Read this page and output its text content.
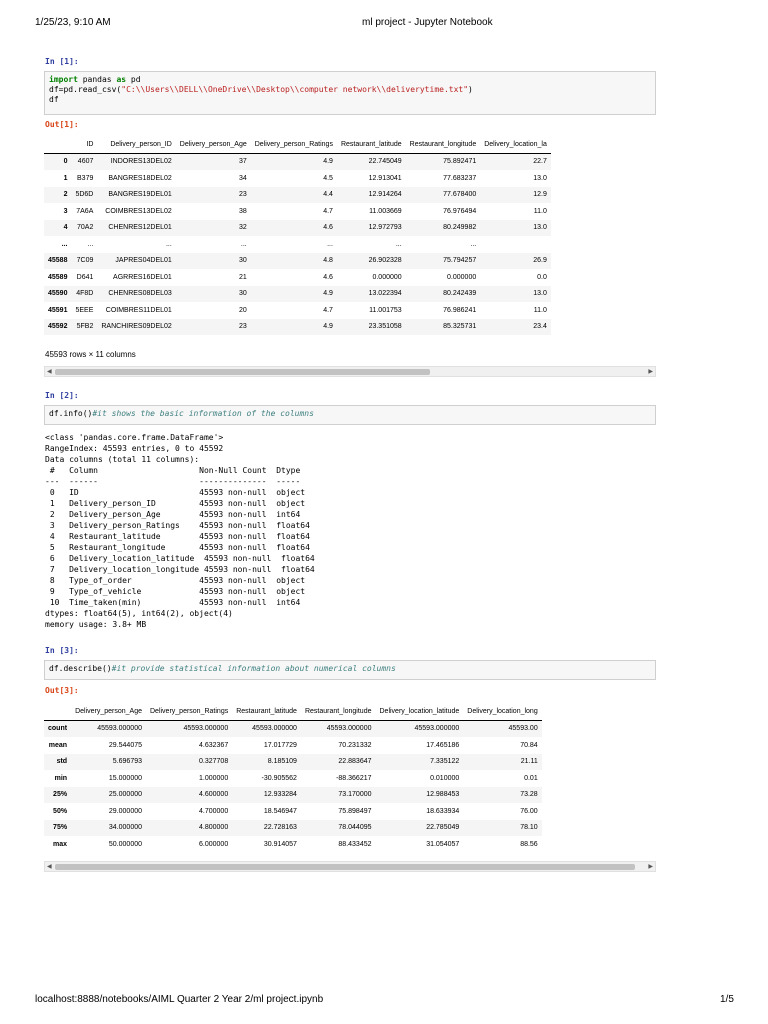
1/25/23, 9:10 AM	ml project - Jupyter Notebook
In [1]:
import pandas as pd
df=pd.read_csv("C:\\Users\\DELL\\OneDrive\\Desktop\\computer network\\deliverytime.txt")
df
Out[1]:
	ID	Delivery_person_ID	Delivery_person_Age	Delivery_person_Ratings	Restaurant_latitude	Restaurant_longitude	Delivery_location_la
0	4607	INDORES13DEL02	37	4.9	22.745049	75.892471	22.7
1	B379	BANGRES18DEL02	34	4.5	12.913041	77.683237	13.0
2	5D6D	BANGRES19DEL01	23	4.4	12.914264	77.678400	12.9
3	7A6A	COIMBRES13DEL02	38	4.7	11.003669	76.976494	11.0
4	70A2	CHENRES12DEL01	32	4.6	12.972793	80.249982	13.0
...	...	...	...	...	...	...	
45588	7C09	JAPRES04DEL01	30	4.8	26.902328	75.794257	26.9
45589	D641	AGRRES16DEL01	21	4.6	0.000000	0.000000	0.0
45590	4F8D	CHENRES08DEL03	30	4.9	13.022394	80.242439	13.0
45591	5EEE	COIMBRES11DEL01	20	4.7	11.001753	76.986241	11.0
45592	5FB2	RANCHIRES09DEL02	23	4.9	23.351058	85.325731	23.4
45593 rows × 11 columns
◀	▶
In [2]:
df.info()#it shows the basic information of the columns
<class 'pandas.core.frame.DataFrame'>
RangeIndex: 45593 entries, 0 to 45592
Data columns (total 11 columns):
#   Column                     Non-Null Count  Dtype
---  ------                     --------------  -----
0   ID                         45593 non-null  object
1   Delivery_person_ID         45593 non-null  object
2   Delivery_person_Age        45593 non-null  int64
3   Delivery_person_Ratings    45593 non-null  float64
4   Restaurant_latitude        45593 non-null  float64
5   Restaurant_longitude       45593 non-null  float64
6   Delivery_location_latitude  45593 non-null  float64
7   Delivery_location_longitude 45593 non-null  float64
8   Type_of_order              45593 non-null  object
9   Type_of_vehicle            45593 non-null  object
10  Time_taken(min)            45593 non-null  int64
dtypes: float64(5), int64(2), object(4)
memory usage: 3.8+ MB
In [3]:
df.describe()#it provide statistical information about numerical columns
Out[3]:
	Delivery_person_Age	Delivery_person_Ratings	Restaurant_latitude	Restaurant_longitude	Delivery_location_latitude	Delivery_location_long
count	45593.000000	45593.000000	45593.000000	45593.000000	45593.000000	45593.00
mean	29.544075	4.632367	17.017729	70.231332	17.465186	70.84
std	5.696793	0.327708	8.185109	22.883647	7.335122	21.11
min	15.000000	1.000000	-30.905562	-88.366217	0.010000	0.01
25%	25.000000	4.600000	12.933284	73.170000	12.988453	73.28
50%	29.000000	4.700000	18.546947	75.898497	18.633934	76.00
75%	34.000000	4.800000	22.728163	78.044095	22.785049	78.10
max	50.000000	6.000000	30.914057	88.433452	31.054057	88.56
◀	▶
localhost:8888/notebooks/AIML Quarter 2 Year 2/ml project.ipynb	1/5
